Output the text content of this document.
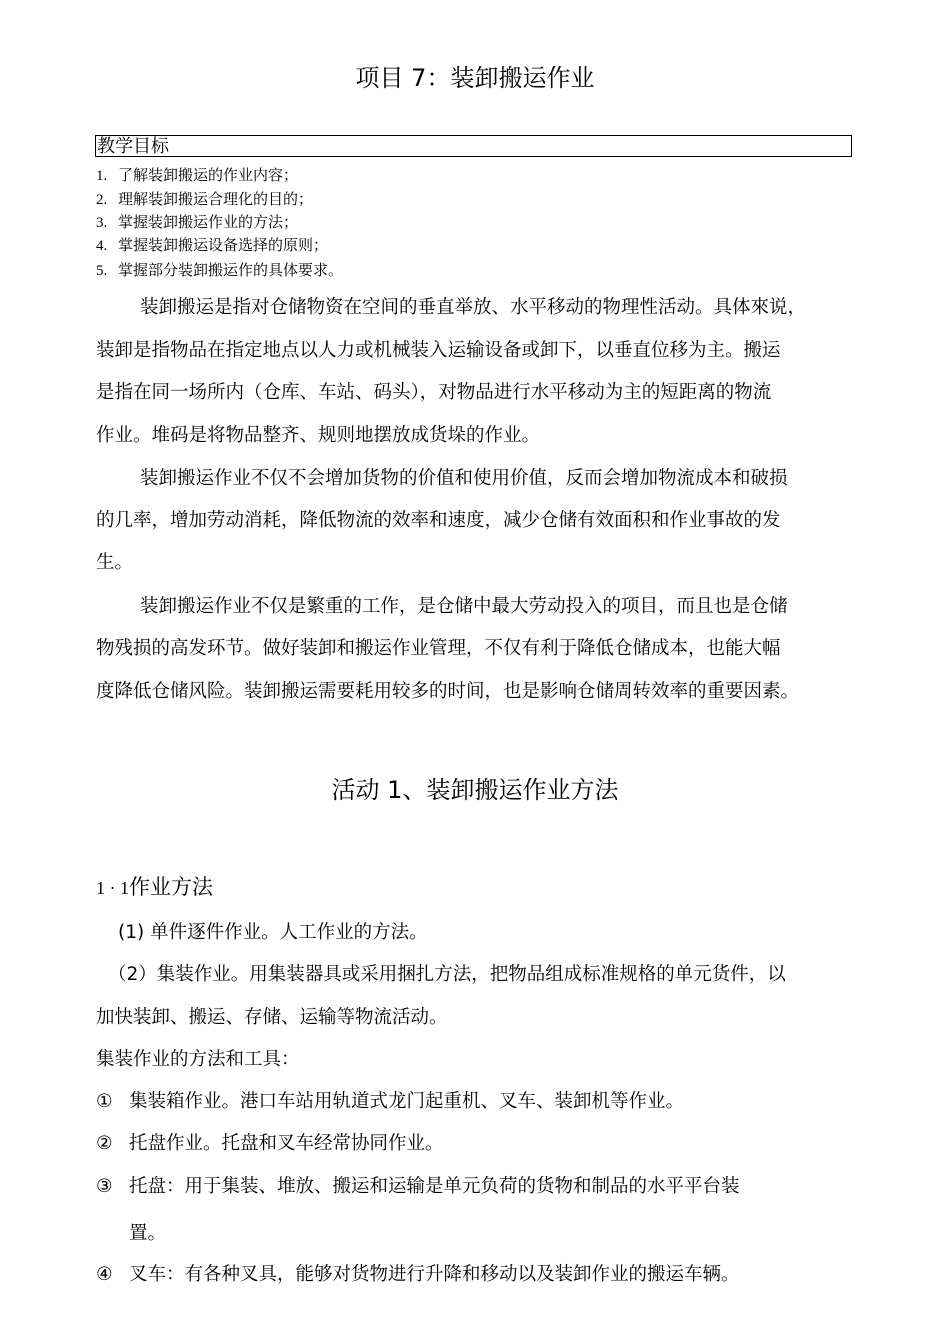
项目 7：装卸搬运作业
教学目标
1. 了解装卸搬运的作业内容；
2. 理解装卸搬运合理化的目的；
3. 掌握装卸搬运作业的方法；
4. 掌握装卸搬运设备选择的原则；
5. 掌握部分装卸搬运作的具体要求。
装卸搬运是指对仓储物资在空间的垂直举放、水平移动的物理性活动。具体來说，
装卸是指物品在指定地点以人力或机械装入运输设备或卸下，以垂直位移为主。搬运
是指在同一场所内（仓库、车站、码头），对物品进行水平移动为主的短距离的物流
作业。堆码是将物品整齐、规则地摆放成货垛的作业。
装卸搬运作业不仅不会增加货物的价值和使用价值，反而会增加物流成本和破损
的几率，增加劳动消耗，降低物流的效率和速度，减少仓储有效面积和作业事故的发
生。
装卸搬运作业不仅是繁重的工作，是仓储中最大劳动投入的项目，而且也是仓储
物残损的高发环节。做好装卸和搬运作业管理，不仅有利于降低仓储成本，也能大幅
度降低仓储风险。装卸搬运需要耗用较多的时间，也是影响仓储周转效率的重要因素。
活动 1、装卸搬运作业方法
1 · 1作业方法
(1) 单件逐件作业。人工作业的方法。
（2）集装作业。用集装器具或采用捆扎方法，把物品组成标准规格的单元货件，以
加快装卸、搬运、存储、运输等物流活动。
集装作业的方法和工具：
① 集装箱作业。港口车站用轨道式龙门起重机、叉车、装卸机等作业。
② 托盘作业。托盘和叉车经常协同作业。
③ 托盘：用于集装、堆放、搬运和运输是单元负荷的货物和制品的水平平台装
置。
④ 叉车：有各种叉具，能够对货物进行升降和移动以及装卸作业的搬运车辆。
